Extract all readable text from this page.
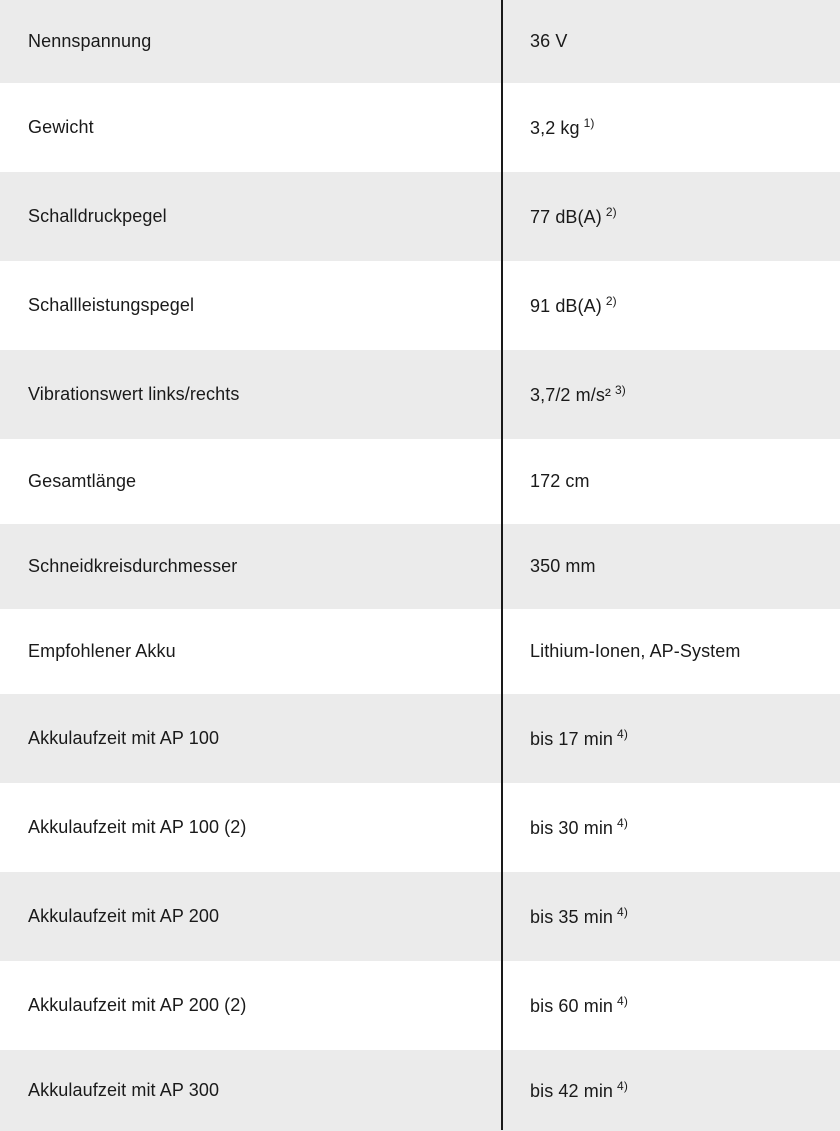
Nennspannung	36 V
Gewicht	3,2 kg $^{1)}$
Schalldruckpegel	77 dB(A) $^{2)}$
Schallleistungspegel	91 dB(A) $^{2)}$
Vibrationswert links/rechts	3,7/2 m/s² $^{3)}$
Gesamtlänge	172 cm
Schneidkreisdurchmesser	350 mm
Empfohlener Akku	Lithium-Ionen, AP-System
Akkulaufzeit mit AP 100	bis 17 min $^{4)}$
Akkulaufzeit mit AP 100 (2)	bis 30 min $^{4)}$
Akkulaufzeit mit AP 200	bis 35 min $^{4)}$
Akkulaufzeit mit AP 200 (2)	bis 60 min $^{4)}$
Akkulaufzeit mit AP 300	bis 42 min $^{4)}$
